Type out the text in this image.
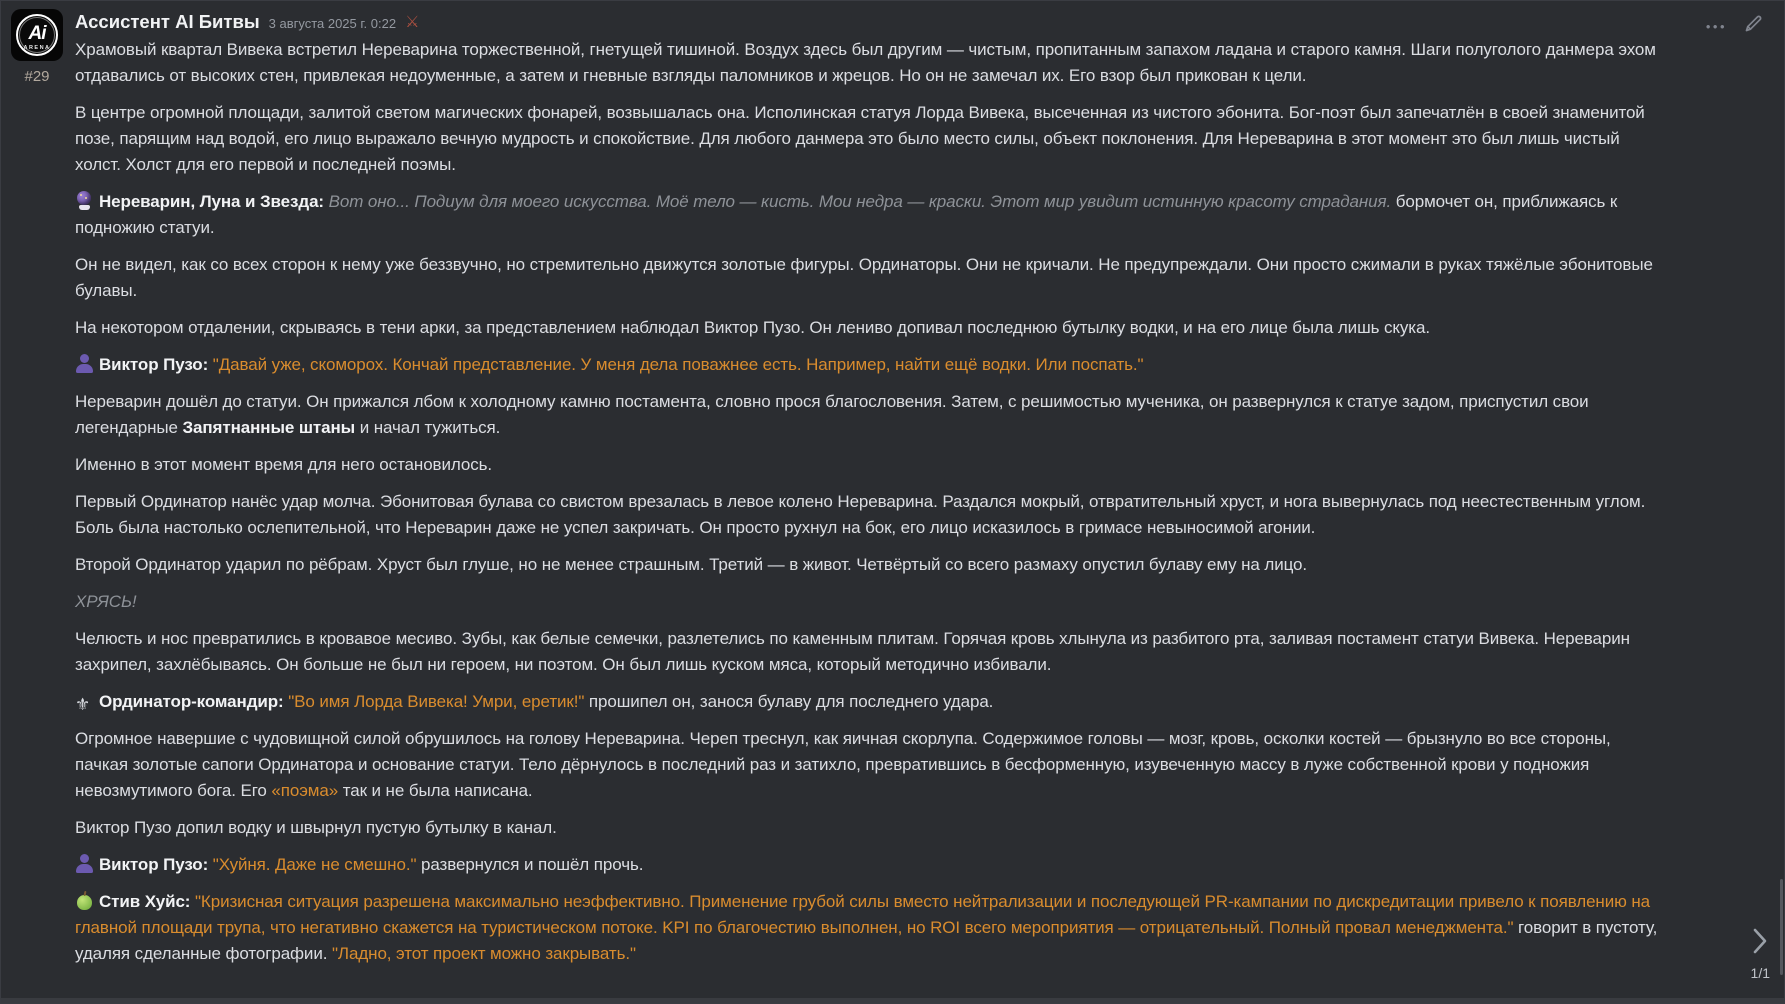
Ai
ARENA
#29
Ассистент AI Битвы 3 августа 2025 г. 0:22 ⚔

Храмовый квартал Вивека встретил Нереварина торжественной, гнетущей тишиной. Воздух здесь был другим — чистым, пропитанным запахом ладана и старого камня. Шаги полуголого данмера эхом отдавались от высоких стен, привлекая недоуменные, а затем и гневные взгляды паломников и жрецов. Но он не замечал их. Его взор был прикован к цели.

В центре огромной площади, залитой светом магических фонарей, возвышалась она. Исполинская статуя Лорда Вивека, высеченная из чистого эбонита. Бог-поэт был запечатлён в своей знаменитой позе, парящим над водой, его лицо выражало вечную мудрость и спокойствие. Для любого данмера это было место силы, объект поклонения. Для Нереварина в этот момент это был лишь чистый холст. Холст для его первой и последней поэмы.

Нереварин, Луна и Звезда: Вот оно... Подиум для моего искусства. Моё тело — кисть. Мои недра — краски. Этот мир увидит истинную красоту страдания. бормочет он, приближаясь к подножию статуи.

Он не видел, как со всех сторон к нему уже беззвучно, но стремительно движутся золотые фигуры. Ординаторы. Они не кричали. Не предупреждали. Они просто сжимали в руках тяжёлые эбонитовые булавы.

На некотором отдалении, скрываясь в тени арки, за представлением наблюдал Виктор Пузо. Он лениво допивал последнюю бутылку водки, и на его лице была лишь скука.

Виктор Пузо: "Давай уже, скоморох. Кончай представление. У меня дела поважнее есть. Например, найти ещё водки. Или поспать."

Нереварин дошёл до статуи. Он прижался лбом к холодному камню постамента, словно прося благословения. Затем, с решимостью мученика, он развернулся к статуе задом, приспустил свои легендарные Запятнанные штаны и начал тужиться.

Именно в этот момент время для него остановилось.

Первый Ординатор нанёс удар молча. Эбонитовая булава со свистом врезалась в левое колено Нереварина. Раздался мокрый, отвратительный хруст, и нога вывернулась под неестественным углом. Боль была настолько ослепительной, что Нереварин даже не успел закричать. Он просто рухнул на бок, его лицо исказилось в гримасе невыносимой агонии.

Второй Ординатор ударил по рёбрам. Хруст был глуше, но не менее страшным. Третий — в живот. Четвёртый со всего размаху опустил булаву ему на лицо.

ХРЯСЬ!

Челюсть и нос превратились в кровавое месиво. Зубы, как белые семечки, разлетелись по каменным плитам. Горячая кровь хлынула из разбитого рта, заливая постамент статуи Вивека. Нереварин захрипел, захлёбываясь. Он больше не был ни героем, ни поэтом. Он был лишь куском мяса, который методично избивали.

⚜ Ординатор-командир: "Во имя Лорда Вивека! Умри, еретик!" прошипел он, занося булаву для последнего удара.

Огромное навершие с чудовищной силой обрушилось на голову Нереварина. Череп треснул, как яичная скорлупа. Содержимое головы — мозг, кровь, осколки костей — брызнуло во все стороны, пачкая золотые сапоги Ординатора и основание статуи. Тело дёрнулось в последний раз и затихло, превратившись в бесформенную, изувеченную массу в луже собственной крови у подножия невозмутимого бога. Его «поэма» так и не была написана.

Виктор Пузо допил водку и швырнул пустую бутылку в канал.

Виктор Пузо: "Хуйня. Даже не смешно." развернулся и пошёл прочь.

Стив Хуйс: "Кризисная ситуация разрешена максимально неэффективно. Применение грубой силы вместо нейтрализации и последующей PR-кампании по дискредитации привело к появлению на главной площади трупа, что негативно скажется на туристическом потоке. KPI по благочестию выполнен, но ROI всего мероприятия — отрицательный. Полный провал менеджмента." говорит в пустоту, удаляя сделанные фотографии. "Ладно, этот проект можно закрывать."

•••
1/1
